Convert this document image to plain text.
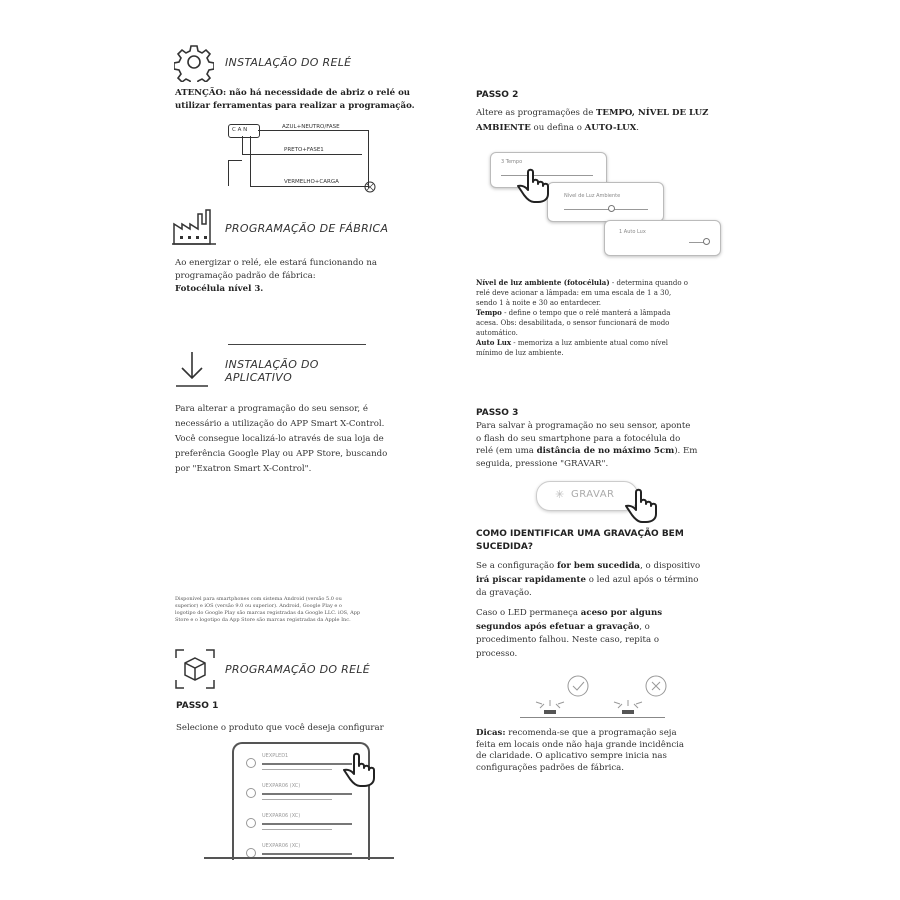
INSTALAÇÃO DO RELÉ
ATENÇÃO: não há necessidade de abriz o relé ou
utilizar ferramentas para realizar a programação.
C A N	AZUL+NEUTRO/FASE
PRETO+FASE1
VERMELHO+CARGA
PROGRAMAÇÃO DE FÁBRICA
Ao energizar o relé, ele estará funcionando na
programação padrão de fábrica:
Fotocélula nível 3.
INSTALAÇÃO DO
APLICATIVO
Para alterar a programação do seu sensor, é
necessário a utilização do APP Smart X-Control.
Você consegue localizá-lo através de sua loja de
preferência Google Play ou APP Store, buscando
por "Exatron Smart X-Control".
Disponível para smartphones com sistema Android (versão 5.0 ou
superior) e iOS (versão 9.0 ou superior). Android, Google Play e o
logotipo do Google Play são marcas registradas da Google LLC. iOS, App
Store e o logotipo da App Store são marcas registradas da Apple Inc.
PROGRAMAÇÃO DO RELÉ
PASSO 1
Selecione o produto que você deseja configurar
UEXPLED1
UEXPAR06 (XC)
UEXPAR06 (XC)
UEXPAR06 (XC)
PASSO 2
Altere as programações de TEMPO, NÍVEL DE LUZ
AMBIENTE ou defina o AUTO-LUX.
3 Tempo
Nível de Luz Ambiente
1 Auto Lux
Nível de luz ambiente (fotocélula) - determina quando o
relé deve acionar a lâmpada: em uma escala de 1 a 30,
sendo 1 à noite e 30 ao entardecer.
Tempo - define o tempo que o relé manterá a lâmpada
acesa. Obs: desabilitada, o sensor funcionará de modo
automático.
Auto Lux - memoriza a luz ambiente atual como nível
mínimo de luz ambiente.
PASSO 3
Para salvar à programação no seu sensor, aponte
o flash do seu smartphone para a fotocélula do
relé (em uma distância de no máximo 5cm). Em
seguida, pressione "GRAVAR".
✳ GRAVAR
COMO IDENTIFICAR UMA GRAVAÇÃO BEM
SUCEDIDA?
Se a configuração for bem sucedida, o dispositivo
irá piscar rapidamente o led azul após o término
da gravação.
Caso o LED permaneça aceso por alguns
segundos após efetuar a gravação, o
procedimento falhou. Neste caso, repita o
processo.
Dicas: recomenda-se que a programação seja
feita em locais onde não haja grande incidência
de claridade. O aplicativo sempre inicia nas
configurações padrões de fábrica.
